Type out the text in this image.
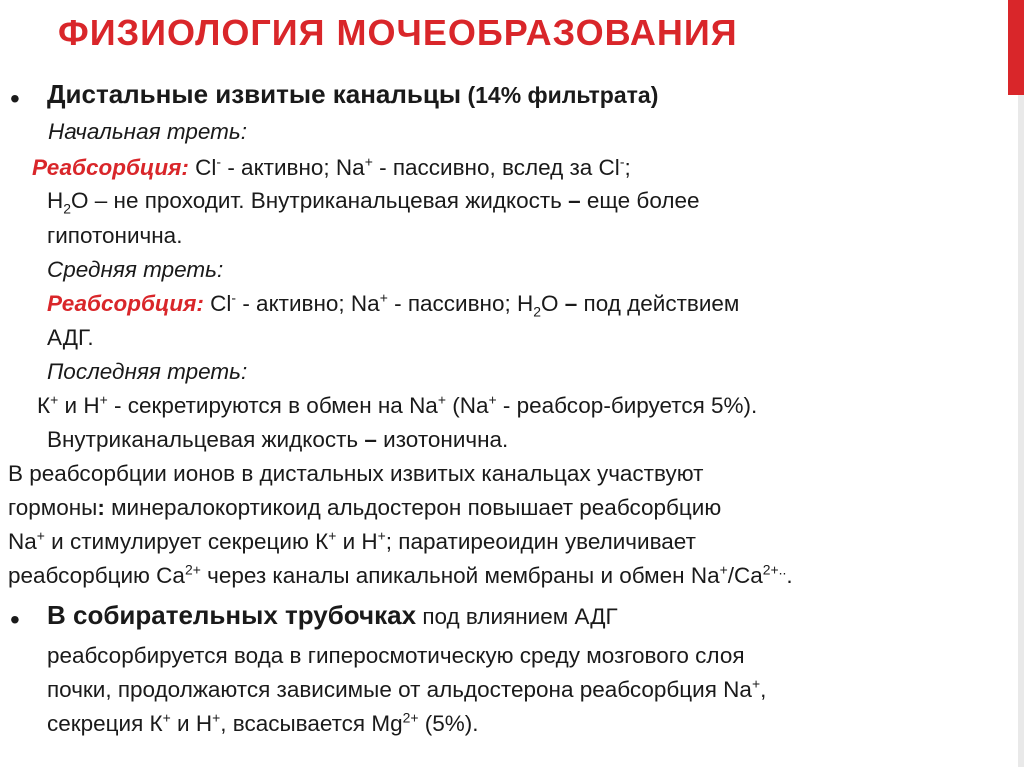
ФИЗИОЛОГИЯ МОЧЕОБРАЗОВАНИЯ
• Дистальные извитые канальцы (14% фильтрата)
Начальная треть:
Реабсорбция: Cl- - активно; Na+ - пассивно, вслед за Cl-;
$H_2O$ – не проходит. Внутриканальцевая жидкость – еще более
гипотонична.
Средняя треть:
Реабсорбция: Cl- - активно; Na+ - пассивно; $H_2O$ – под действием
АДГ.
Последняя треть:
К+ и Н+ - секретируются в обмен на Na+ (Na+ - реабсор-бируется 5%).
Внутриканальцевая жидкость – изотонична.
В реабсорбции ионов в дистальных извитых канальцах участвуют
гормоны: минералокортикоид альдостерон повышает реабсорбцию
Na+ и стимулирует секрецию К+ и Н+; паратиреоидин увеличивает
реабсорбцию $Ca^{2+}$ через каналы апикальной мембраны и обмен $Na^+/Ca^{2+..}$.
• В собирательных трубочках под влиянием АДГ
реабсорбируется вода в гиперосмотическую среду мозгового слоя
почки, продолжаются зависимые от альдостерона реабсорбция Na+,
секреция К+ и Н+, всасывается $Mg^{2+}$ (5%).
